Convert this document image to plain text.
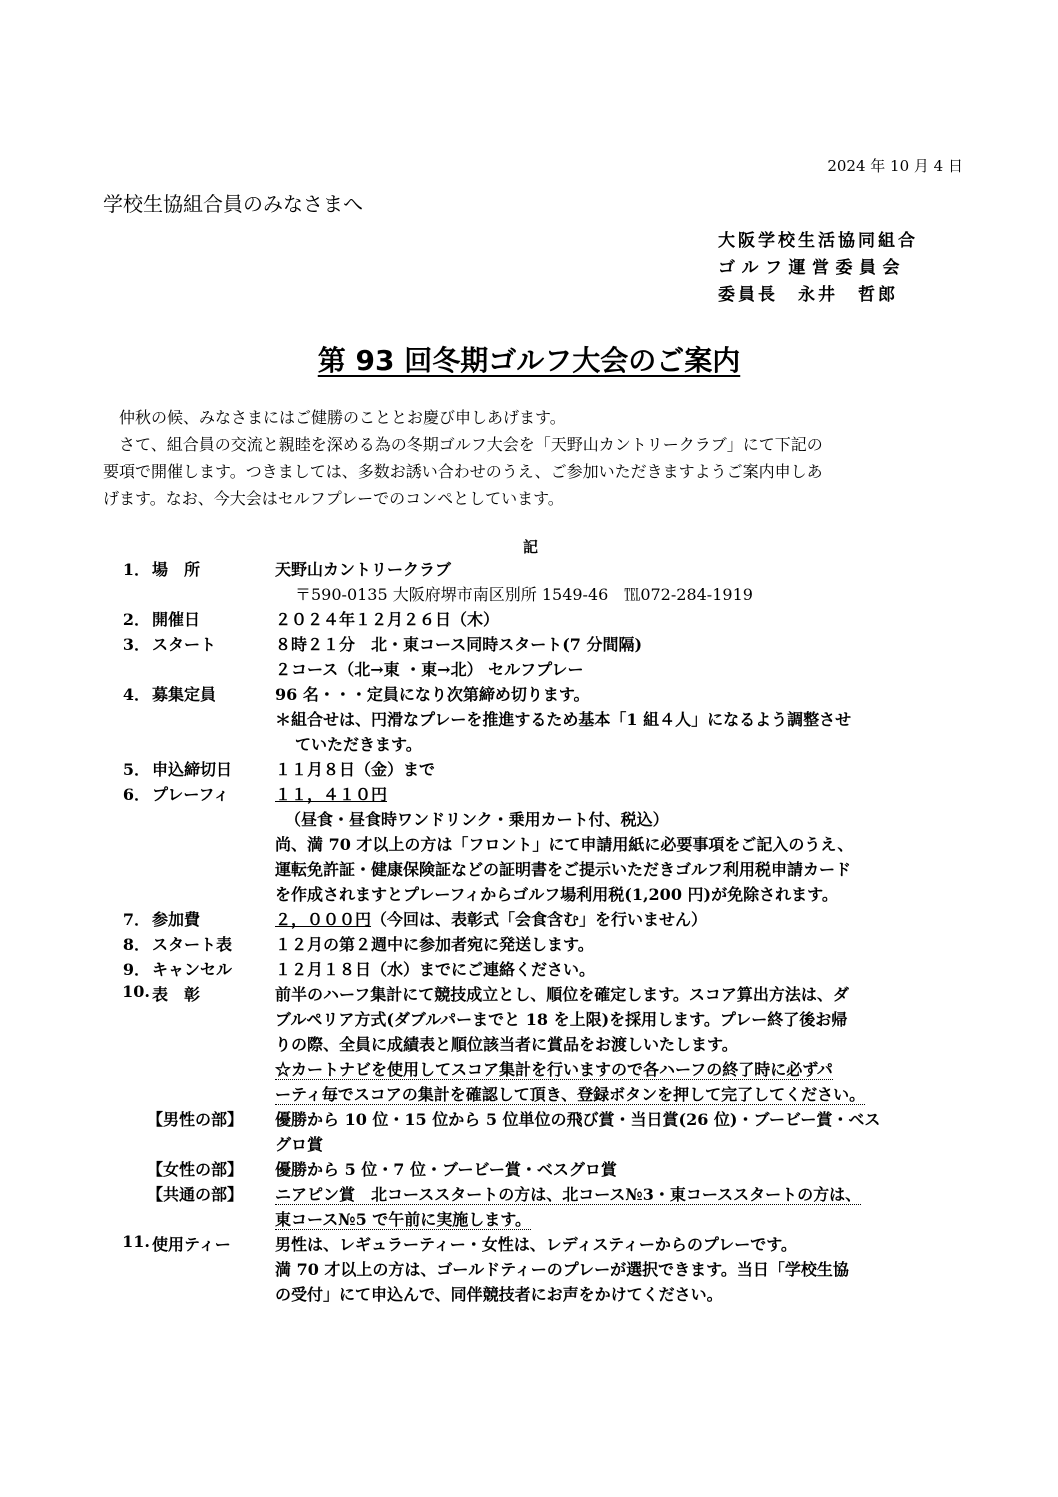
2024 年 10 月 4 日
学校生協組合員のみなさまへ
大阪学校生活協同組合
ゴルフ運営委員会
委員長　永井　哲郎
第 93 回冬期ゴルフ大会のご案内

　仲秋の候、みなさまにはご健勝のこととお慶び申しあげます。

　さて、組合員の交流と親睦を深める為の冬期ゴルフ大会を「天野山カントリークラブ」にて下記の

要項で開催します。つきましては、多数お誘い合わせのうえ、ご参加いただきますようご案内申しあ

げます。なお、今大会はセルフプレーでのコンペとしています。

記
1． 場　所	天野山カントリークラブ
〒590-0135 大阪府堺市南区別所 1549-46　℡072-284-1919
2． 開催日	２０２４年１２月２６日（木）
3． スタート	８時２１分　北・東コース同時スタート(7 分間隔)
２コース（北→東 ・東→北） セルフプレー
4． 募集定員	96 名・・・定員になり次第締め切ります。
＊組合せは、円滑なプレーを推進するため基本「1 組４人」になるよう調整させ
ていただきます。
5． 申込締切日	１１月８日（金）まで
6． プレーフィ	１１，４１０円
（昼食・昼食時ワンドリンク・乗用カート付、税込）
尚、満 70 才以上の方は「フロント」にて申請用紙に必要事項をご記入のうえ、
運転免許証・健康保険証などの証明書をご提示いただきゴルフ利用税申請カード
を作成されますとプレーフィからゴルフ場利用税(1,200 円)が免除されます。
7． 参加費	２，０００円（今回は、表彰式「会食含む」を行いません）
8． スタート表	１２月の第２週中に参加者宛に発送します。
9． キャンセル	１２月１８日（水）までにご連絡ください。
10. 表　彰	前半のハーフ集計にて競技成立とし、順位を確定します。スコア算出方法は、ダ
ブルペリア方式(ダブルパーまでと 18 を上限)を採用します。プレー終了後お帰
りの際、全員に成績表と順位該当者に賞品をお渡しいたします。
☆カートナビを使用してスコア集計を行いますので各ハーフの終了時に必ずパ
ーティ毎でスコアの集計を確認して頂き、登録ボタンを押して完了してください。
【男性の部】 優勝から 10 位・15 位から 5 位単位の飛び賞・当日賞(26 位)・ブービー賞・ベス
グロ賞
【女性の部】 優勝から 5 位・7 位・ブービー賞・ベスグロ賞
【共通の部】 ニアピン賞　北コーススタートの方は、北コース№3・東コーススタートの方は、
東コース№5 で午前に実施します。
11. 使用ティー	男性は、レギュラーティー・女性は、レディスティーからのプレーです。
満 70 才以上の方は、ゴールドティーのプレーが選択できます。当日「学校生協
の受付」にて申込んで、同伴競技者にお声をかけてください。
